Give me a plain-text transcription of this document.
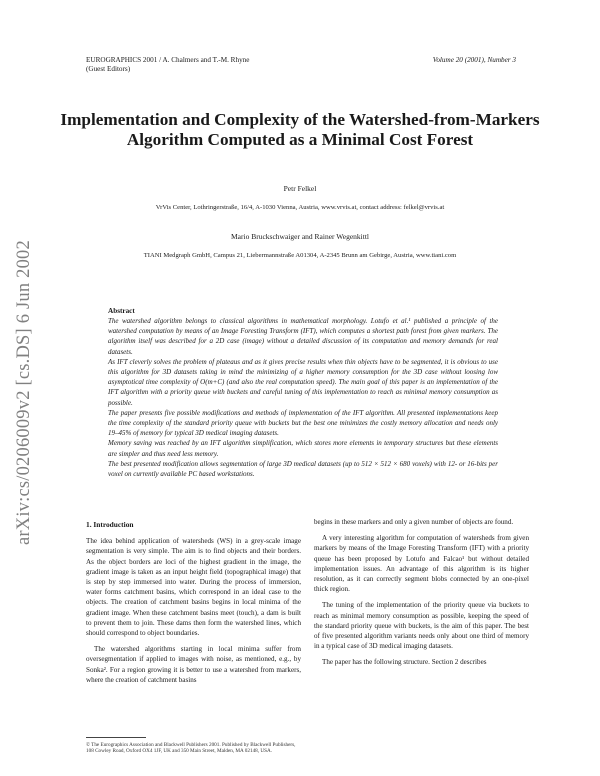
EUROGRAPHICS 2001 / A. Chalmers and T.-M. Rhyne
(Guest Editors)
Volume 20 (2001), Number 3
Implementation and Complexity of the Watershed-from-Markers
Algorithm Computed as a Minimal Cost Forest
arXiv:cs/0206009v2 [cs.DS] 6 Jun 2002
Petr Felkel
VrVis Center, Lothringerstraße, 16/4, A-1030 Vienna, Austria, www.vrvis.at, contact address: felkel@vrvis.at
Mario Bruckschwaiger and Rainer Wegenkittl
TIANI Medgraph GmbH, Campus 21, Liebermannstraße A01304, A-2345 Brunn am Gebirge, Austria, www.tiani.com
Abstract

The watershed algorithm belongs to classical algorithms in mathematical morphology. Lotufo et al.¹ published a principle of the watershed computation by means of an Image Foresting Transform (IFT), which computes a shortest path forest from given markers. The algorithm itself was described for a 2D case (image) without a detailed discussion of its computation and memory demands for real datasets.

As IFT cleverly solves the problem of plateaus and as it gives precise results when thin objects have to be segmented, it is obvious to use this algorithm for 3D datasets taking in mind the minimizing of a higher memory consumption for the 3D case without loosing low asymptotical time complexity of O(m+C) (and also the real computation speed). The main goal of this paper is an implementation of the IFT algorithm with a priority queue with buckets and careful tuning of this implementation to reach as minimal memory consumption as possible.

The paper presents five possible modifications and methods of implementation of the IFT algorithm. All presented implementations keep the time complexity of the standard priority queue with buckets but the best one minimizes the costly memory allocation and needs only 19–45% of memory for typical 3D medical imaging datasets.

Memory saving was reached by an IFT algorithm simplification, which stores more elements in temporary structures but these elements are simpler and thus need less memory.

The best presented modification allows segmentation of large 3D medical datasets (up to 512 × 512 × 680 voxels) with 12- or 16-bits per voxel on currently available PC based workstations.

1. Introduction

The idea behind application of watersheds (WS) in a grey-scale image segmentation is very simple. The aim is to find objects and their borders. As the object borders are loci of the highest gradient in the image, the gradient image is taken as an input height field (topographical image) that is step by step immersed into water. During the process of immersion, water forms catchment basins, which correspond in an ideal case to the objects. The creation of catchment basins begins in local minima of the gradient image. When these catchment basins meet (touch), a dam is built to prevent them to join. These dams then form the watershed lines, which should correspond to object boundaries.

The watershed algorithms starting in local minima suffer from oversegmentation if applied to images with noise, as mentioned, e.g., by Sonka². For a region growing it is better to use a watershed from markers, where the creation of catchment basins

begins in these markers and only a given number of objects are found.

A very interesting algorithm for computation of watersheds from given markers by means of the Image Foresting Transform (IFT) with a priority queue has been proposed by Lotufo and Falcao¹ but without detailed implementation issues. An advantage of this algorithm is its higher resolution, as it can correctly segment blobs connected by an one-pixel thick region.

The tuning of the implementation of the priority queue via buckets to reach as minimal memory consumption as possible, keeping the speed of the standard priority queue with buckets, is the aim of this paper. The best of five presented algorithm variants needs only about one third of memory in a typical case of 3D medical imaging datasets.

The paper has the following structure. Section 2 describes

© The Eurographics Association and Blackwell Publishers 2001. Published by Blackwell Publishers, 108 Cowley Road, Oxford OX4 1JF, UK and 350 Main Street, Malden, MA 02148, USA.
